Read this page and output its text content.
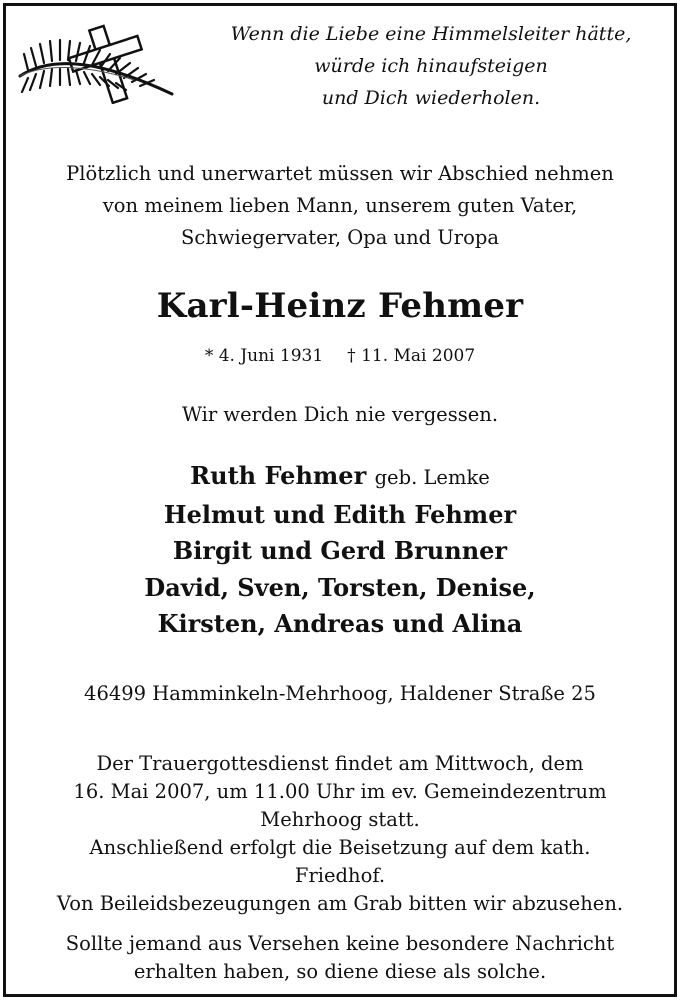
Wenn die Liebe eine Himmelsleiter hätte,
würde ich hinaufsteigen
und Dich wiederholen.
Plötzlich und unerwartet müssen wir Abschied nehmen
von meinem lieben Mann, unserem guten Vater,
Schwiegervater, Opa und Uropa
Karl-Heinz Fehmer
* 4. Juni 1931 † 11. Mai 2007
Wir werden Dich nie vergessen.
Ruth Fehmer geb. Lemke
Helmut und Edith Fehmer
Birgit und Gerd Brunner
David, Sven, Torsten, Denise,
Kirsten, Andreas und Alina
46499 Hamminkeln-Mehrhoog, Haldener Straße 25
Der Trauergottesdienst findet am Mittwoch, dem
16. Mai 2007, um 11.00 Uhr im ev. Gemeindezentrum
Mehrhoog statt.
Anschließend erfolgt die Beisetzung auf dem kath.
Friedhof.
Von Beileidsbezeugungen am Grab bitten wir abzusehen.
Sollte jemand aus Versehen keine besondere Nachricht
erhalten haben, so diene diese als solche.
